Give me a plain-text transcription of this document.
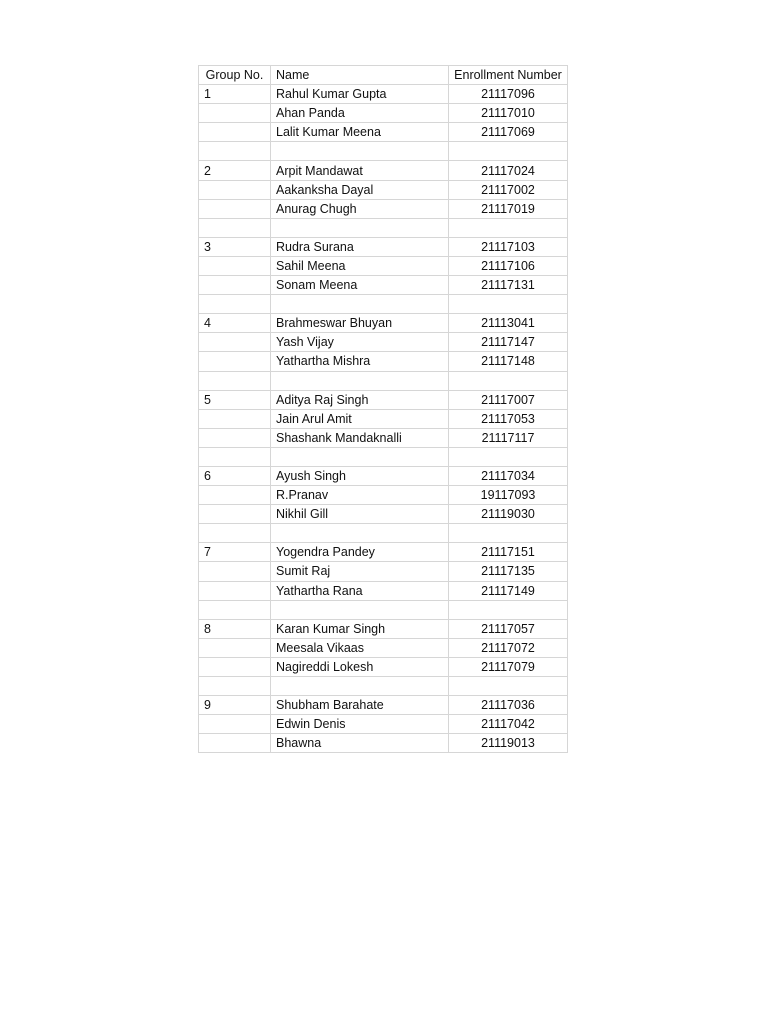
Group No.	Name	Enrollment Number
1	Rahul Kumar Gupta	21117096
	Ahan Panda	21117010
	Lalit Kumar Meena	21117069

2	Arpit Mandawat	21117024
	Aakanksha Dayal	21117002
	Anurag Chugh	21117019

3	Rudra Surana	21117103
	Sahil Meena	21117106
	Sonam Meena	21117131

4	Brahmeswar Bhuyan	21113041
	Yash Vijay	21117147
	Yathartha Mishra	21117148

5	Aditya Raj Singh	21117007
	Jain Arul Amit	21117053
	Shashank Mandaknalli	21117117

6	Ayush Singh	21117034
	R.Pranav	19117093
	Nikhil Gill	21119030

7	Yogendra Pandey	21117151
	Sumit Raj	21117135
	Yathartha Rana	21117149

8	Karan Kumar Singh	21117057
	Meesala Vikaas	21117072
	Nagireddi Lokesh	21117079

9	Shubham Barahate	21117036
	Edwin Denis	21117042
	Bhawna	21119013
